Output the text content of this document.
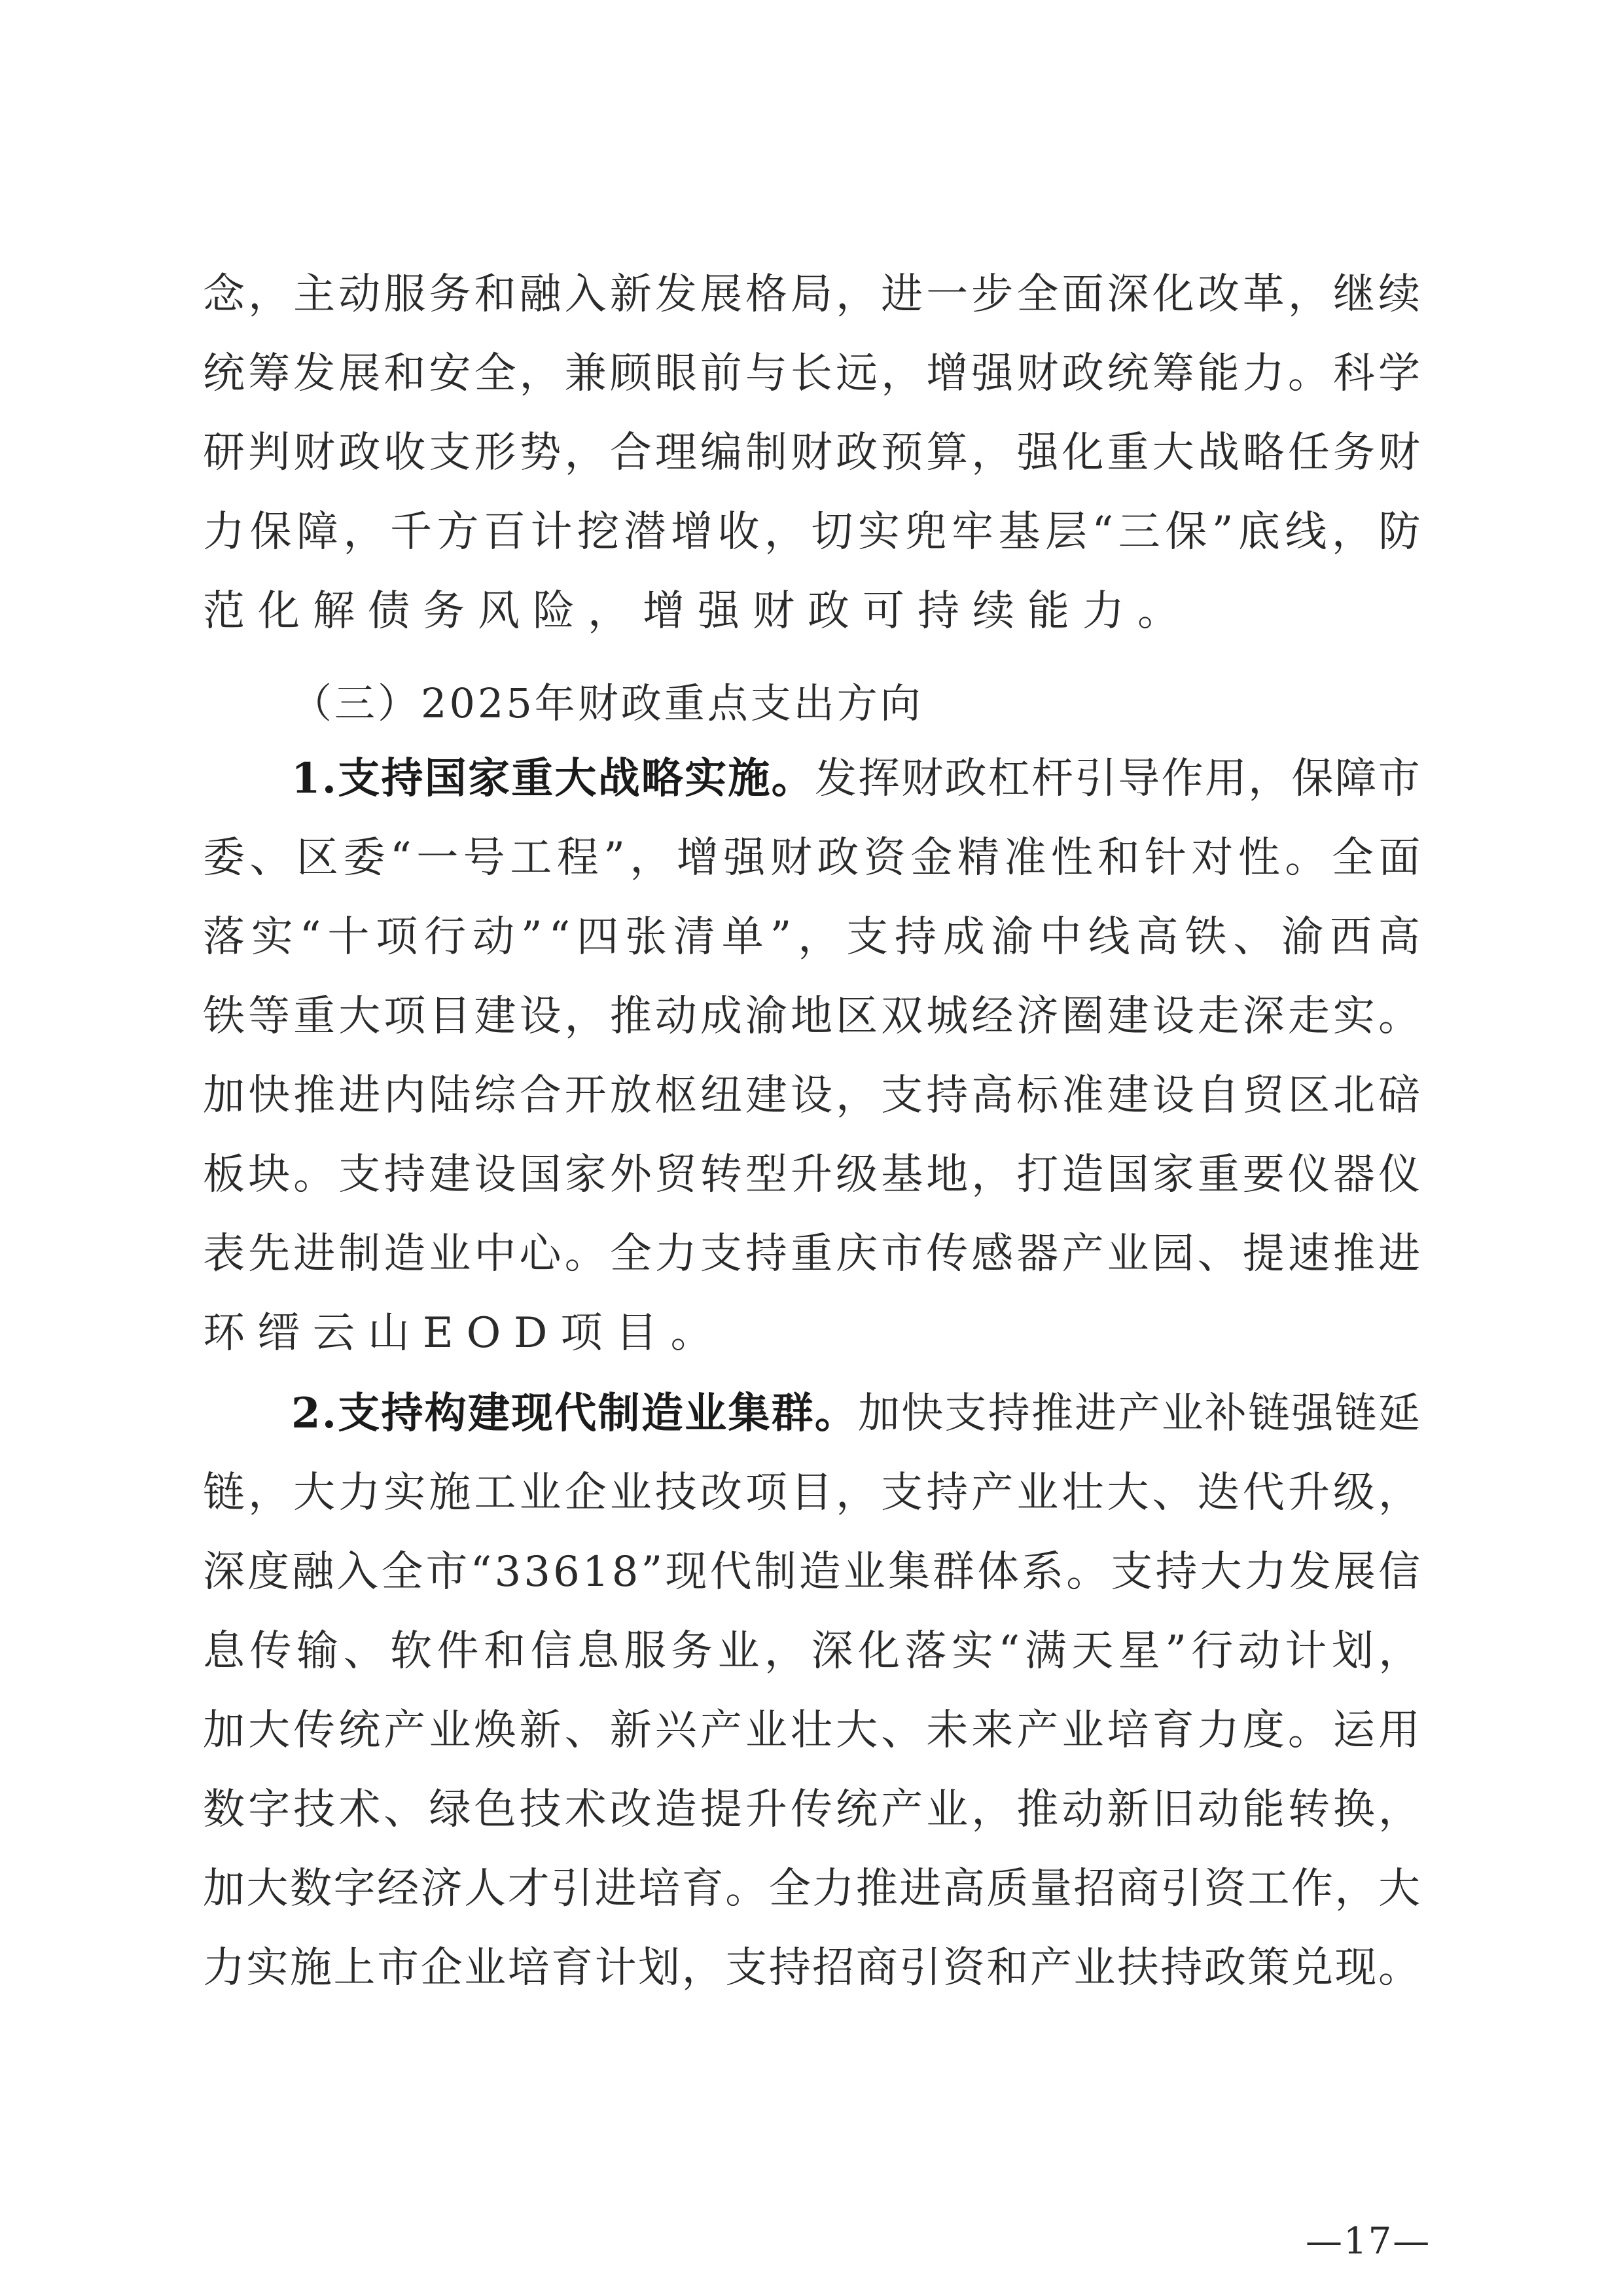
念，主动服务和融入新发展格局，进一步全面深化改革，继续
统筹发展和安全，兼顾眼前与长远，增强财政统筹能力。科学
研判财政收支形势，合理编制财政预算，强化重大战略任务财
力保障，千方百计挖潜增收，切实兜牢基层“三保”底线，防
范化解债务风险，增强财政可持续能力。
（三）2025年财政重点支出方向
1.支持国家重大战略实施。发挥财政杠杆引导作用，保障市
委、区委“一号工程”，增强财政资金精准性和针对性。全面
落实“十项行动”“四张清单”，支持成渝中线高铁、渝西高
铁等重大项目建设，推动成渝地区双城经济圈建设走深走实。
加快推进内陆综合开放枢纽建设，支持高标准建设自贸区北碚
板块。支持建设国家外贸转型升级基地，打造国家重要仪器仪
表先进制造业中心。全力支持重庆市传感器产业园、提速推进
环缙云山EOD项目。
2.支持构建现代制造业集群。加快支持推进产业补链强链延
链，大力实施工业企业技改项目，支持产业壮大、迭代升级，
深度融入全市“33618”现代制造业集群体系。支持大力发展信
息传输、软件和信息服务业，深化落实“满天星”行动计划，
加大传统产业焕新、新兴产业壮大、未来产业培育力度。运用
数字技术、绿色技术改造提升传统产业，推动新旧动能转换，
加大数字经济人才引进培育。全力推进高质量招商引资工作，大
力实施上市企业培育计划，支持招商引资和产业扶持政策兑现。
—17—
